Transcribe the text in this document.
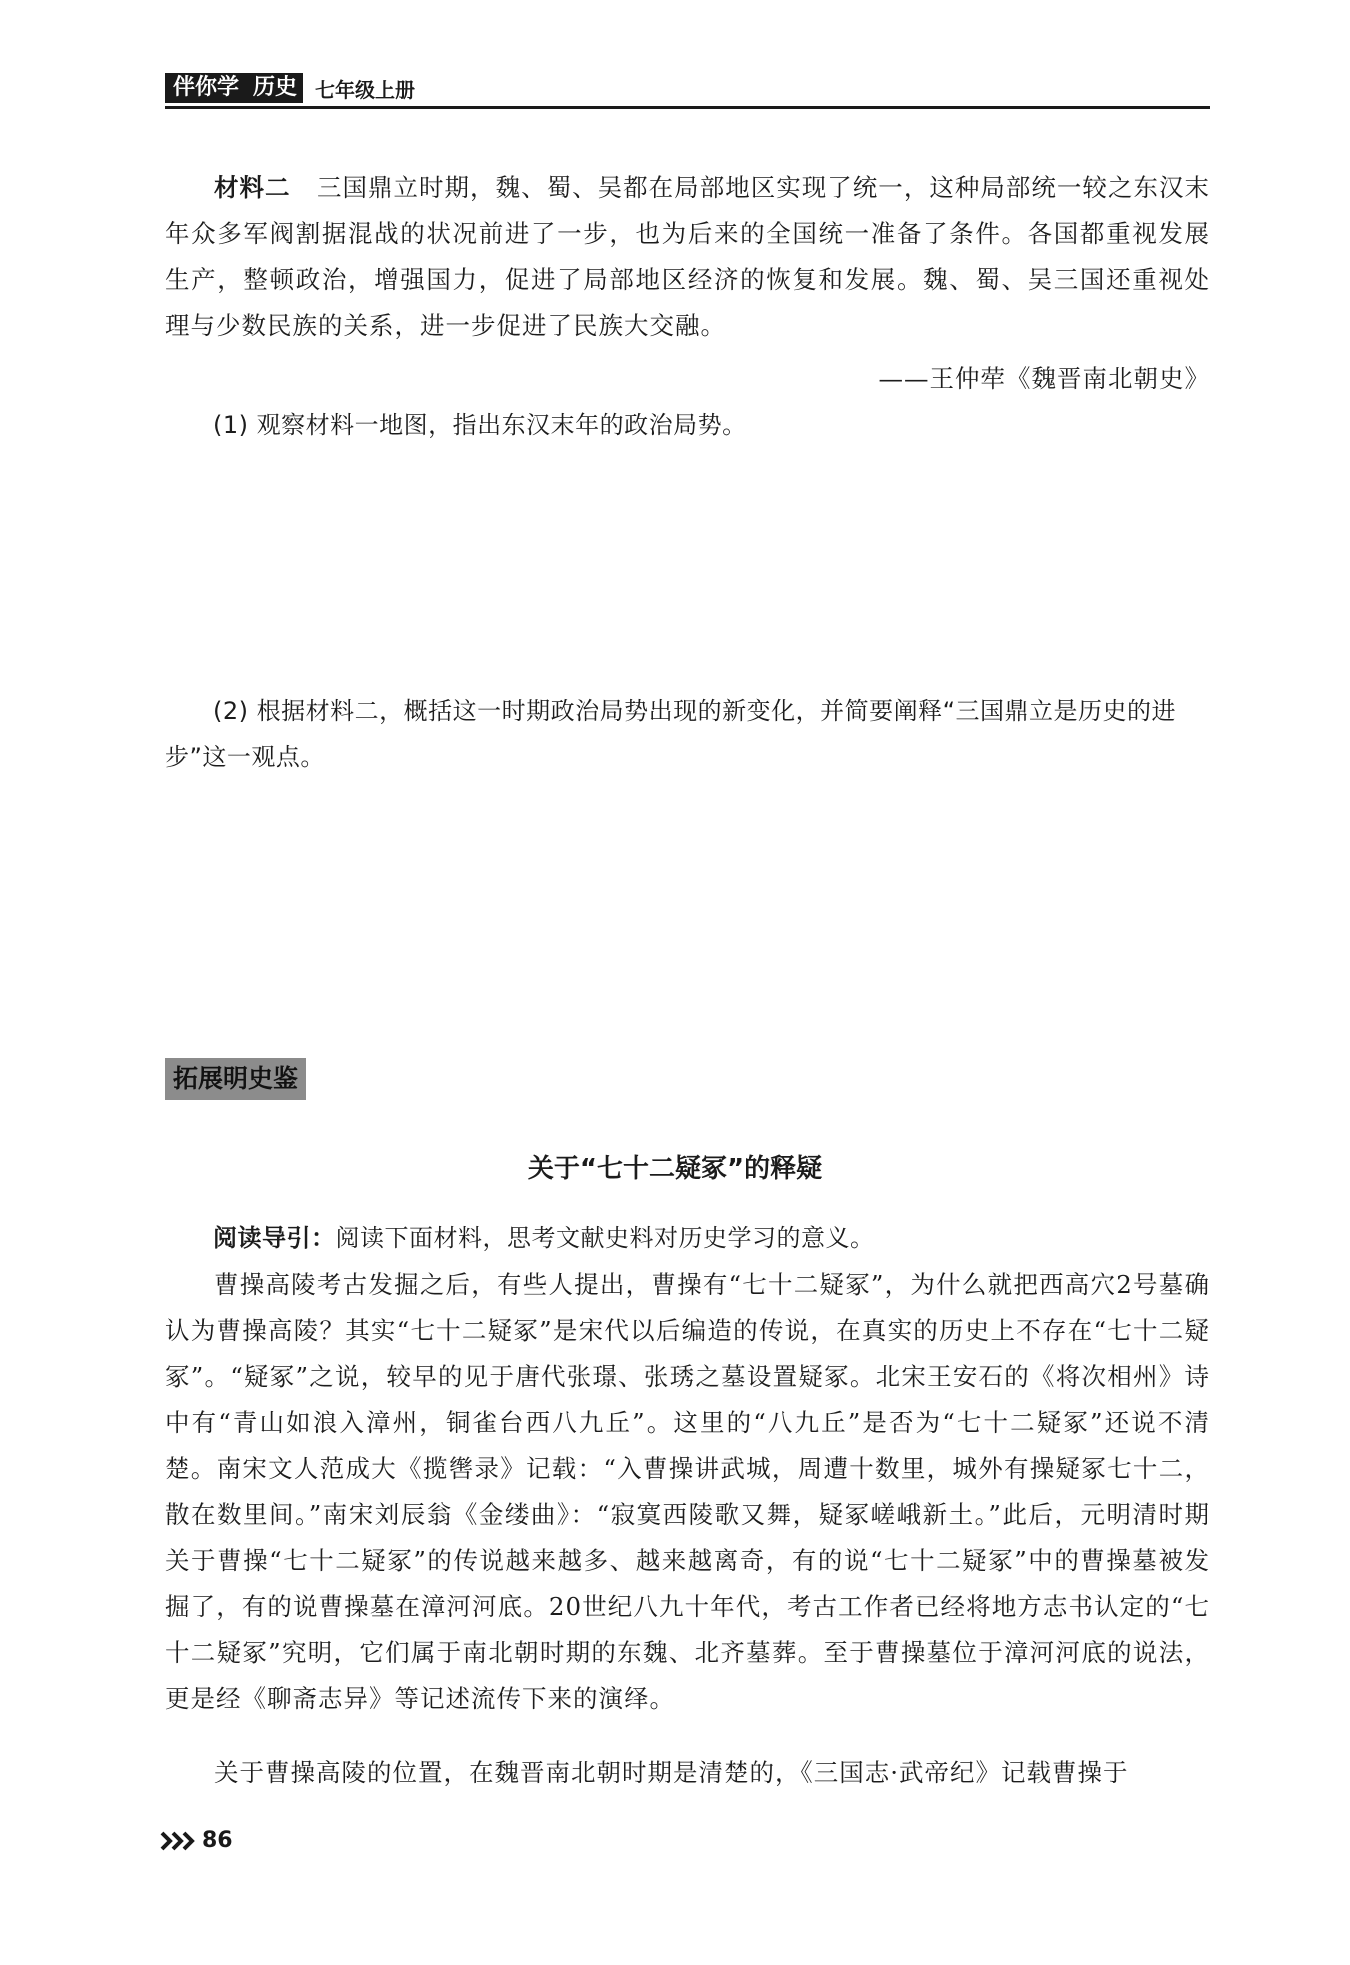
伴你学 历史 七年级上册
材料二 三国鼎立时期，魏、蜀、吴都在局部地区实现了统一，这种局部统一较之东汉末年众多军阀割据混战的状况前进了一步，也为后来的全国统一准备了条件。各国都重视发展生产，整顿政治，增强国力，促进了局部地区经济的恢复和发展。魏、蜀、吴三国还重视处理与少数民族的关系，进一步促进了民族大交融。
——王仲荦《魏晋南北朝史》
(1) 观察材料一地图，指出东汉末年的政治局势。
(2) 根据材料二，概括这一时期政治局势出现的新变化，并简要阐释“三国鼎立是历史的进步”这一观点。
拓展明史鉴
关于“七十二疑冢”的释疑
阅读导引：阅读下面材料，思考文献史料对历史学习的意义。
曹操高陵考古发掘之后，有些人提出，曹操有“七十二疑冢”，为什么就把西高穴2号墓确认为曹操高陵？其实“七十二疑冢”是宋代以后编造的传说，在真实的历史上不存在“七十二疑冢”。“疑冢”之说，较早的见于唐代张璟、张琇之墓设置疑冢。北宋王安石的《将次相州》诗中有“青山如浪入漳州，铜雀台西八九丘”。这里的“八九丘”是否为“七十二疑冢”还说不清楚。南宋文人范成大《揽辔录》记载：“入曹操讲武城，周遭十数里，城外有操疑冢七十二，散在数里间。”南宋刘辰翁《金缕曲》：“寂寞西陵歌又舞，疑冢嵯峨新土。”此后，元明清时期关于曹操“七十二疑冢”的传说越来越多、越来越离奇，有的说“七十二疑冢”中的曹操墓被发掘了，有的说曹操墓在漳河河底。20世纪八九十年代，考古工作者已经将地方志书认定的“七十二疑冢”究明，它们属于南北朝时期的东魏、北齐墓葬。至于曹操墓位于漳河河底的说法，更是经《聊斋志异》等记述流传下来的演绎。
关于曹操高陵的位置，在魏晋南北朝时期是清楚的，《三国志·武帝纪》记载曹操于
86
